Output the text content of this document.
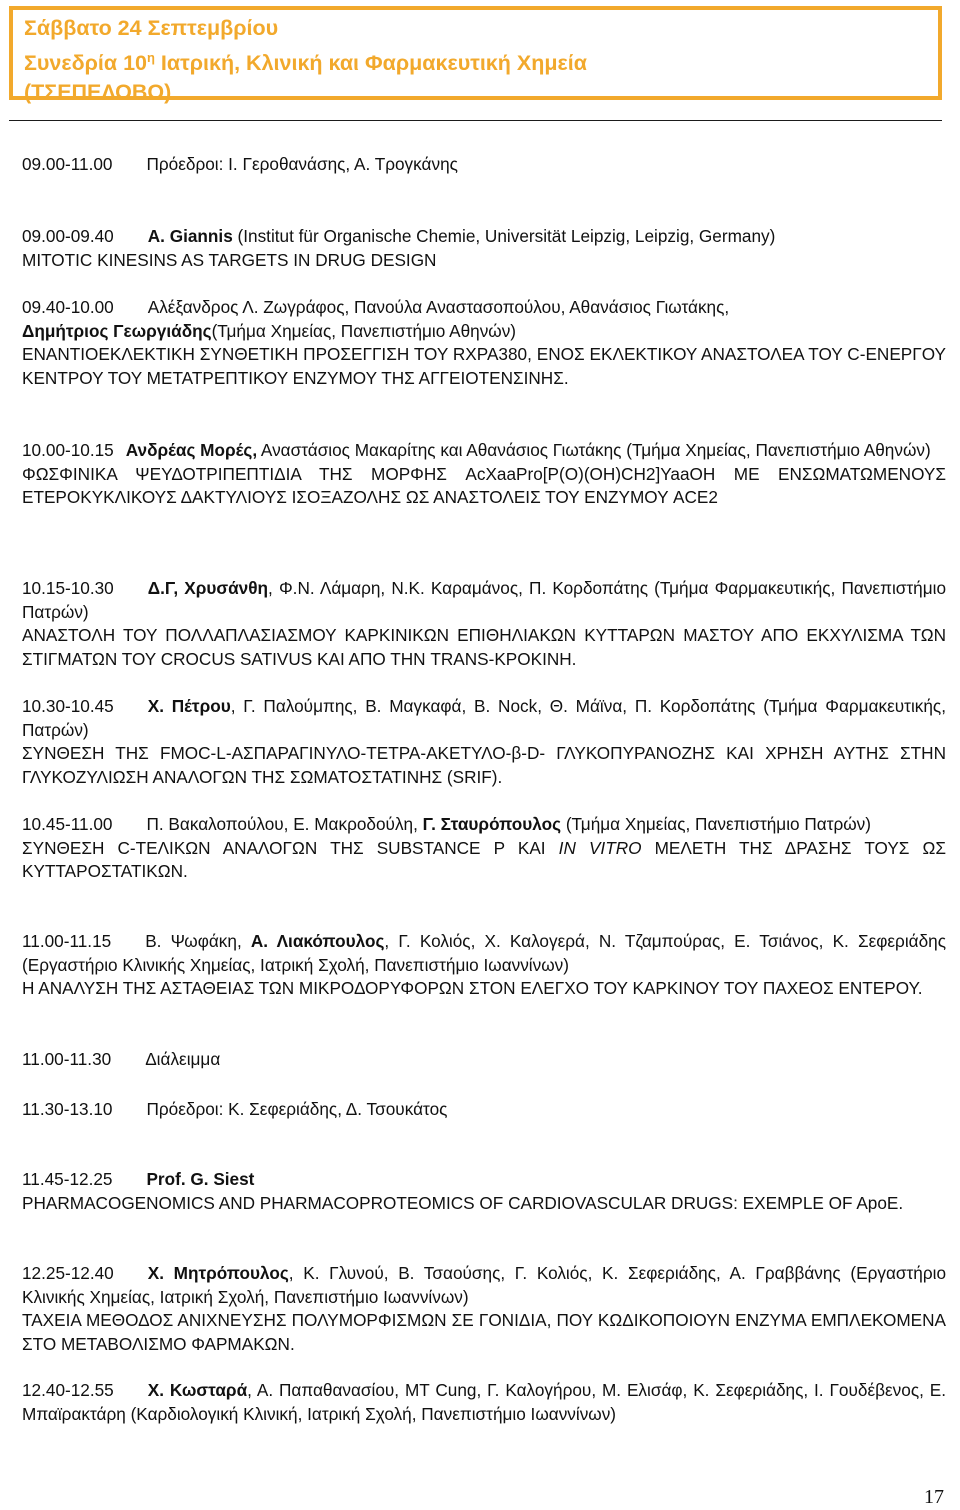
Σάββατο 24 Σεπτεμβρίου
Συνεδρία $10^\eta$ Ιατρική, Κλινική και Φαρμακευτική Χημεία
(ΤΣΕΠΕΛΟΒΟ)
09.00-11.00 Πρόεδροι: Ι. Γεροθανάσης, Α. Τρογκάνης
09.00-09.40 A. Giannis (Institut für Organische Chemie, Universität Leipzig, Leipzig, Germany)
MITOTIC KINESINS AS TARGETS IN DRUG DESIGN
09.40-10.00 Αλέξανδρος Λ. Ζωγράφος, Πανούλα Αναστασοπούλου, Αθανάσιος Γιωτάκης,
Δημήτριος Γεωργιάδης(Τμήμα Χημείας, Πανεπιστήμιο Αθηνών)
ΕΝΑΝΤΙΟΕΚΛΕΚΤΙΚΗ ΣΥΝΘΕΤΙΚΗ ΠΡΟΣΕΓΓΙΣΗ ΤΟΥ RXPA380, ΕΝΟΣ ΕΚΛΕΚΤΙΚΟΥ ΑΝΑΣΤΟΛΕΑ ΤΟΥ C-ΕΝΕΡΓΟΥ ΚΕΝΤΡΟΥ ΤΟΥ ΜΕΤΑΤΡΕΠΤΙΚΟΥ ΕΝΖΥΜΟΥ ΤΗΣ ΑΓΓΕΙΟΤΕΝΣΙΝΗΣ.
10.00-10.15 Ανδρέας Μορές, Αναστάσιος Μακαρίτης και Αθανάσιος Γιωτάκης (Τμήμα Χημείας, Πανεπιστήμιο Αθηνών)
ΦΩΣΦΙΝΙΚΑ ΨΕΥΔΟΤΡΙΠΕΠΤΙΔΙΑ ΤΗΣ ΜΟΡΦΗΣ AcXaaPro[P(O)(OH)CH2]YaaOH ΜΕ ΕΝΣΩΜΑΤΩΜΕΝΟΥΣ ΕΤΕΡΟΚΥΚΛΙΚΟΥΣ ΔΑΚΤΥΛΙΟΥΣ ΙΣΟΞΑΖΟΛΗΣ ΩΣ ΑΝΑΣΤΟΛΕΙΣ ΤΟΥ ΕΝΖΥΜΟΥ ACE2
10.15-10.30 Δ.Γ, Χρυσάνθη, Φ.Ν. Λάμαρη, Ν.Κ. Καραμάνος, Π. Κορδοπάτης (Τμήμα Φαρμακευτικής, Πανεπιστήμιο Πατρών)
ΑΝΑΣΤΟΛΗ ΤΟΥ ΠΟΛΛΑΠΛΑΣΙΑΣΜΟΥ ΚΑΡΚΙΝΙΚΩΝ ΕΠΙΘΗΛΙΑΚΩΝ ΚΥΤΤΑΡΩΝ ΜΑΣΤΟΥ ΑΠΟ ΕΚΧΥΛΙΣΜΑ ΤΩΝ ΣΤΙΓΜΑΤΩΝ ΤΟΥ CROCUS SATIVUS ΚΑΙ ΑΠΟ ΤΗΝ TRANS-ΚΡΟΚΙΝΗ.
10.30-10.45 Χ. Πέτρου, Γ. Παλούμπης, Β. Μαγκαφά, Β. Nock, Θ. Μάϊνα, Π. Κορδοπάτης (Τμήμα Φαρμακευτικής, Πατρών)
ΣΥΝΘΕΣΗ ΤΗΣ FMOC-L-ΑΣΠΑΡΑΓΙΝΥΛΟ-ΤΕΤΡΑ-ΑΚΕΤΥΛΟ-β-D- ΓΛΥΚΟΠΥΡΑΝΟΖΗΣ ΚΑΙ ΧΡΗΣΗ ΑΥΤΗΣ ΣΤΗΝ ΓΛΥΚΟΖΥΛΙΩΣΗ ΑΝΑΛΟΓΩΝ ΤΗΣ ΣΩΜΑΤΟΣΤΑΤΙΝΗΣ (SRIF).
10.45-11.00 Π. Βακαλοπούλου, Ε. Μακροδούλη, Γ. Σταυρόπουλος (Τμήμα Χημείας, Πανεπιστήμιο Πατρών)
ΣΥΝΘΕΣΗ C-ΤΕΛΙΚΩΝ ΑΝΑΛΟΓΩΝ ΤΗΣ SUBSTANCE P ΚΑΙ IN VITRO ΜΕΛΕΤΗ ΤΗΣ ΔΡΑΣΗΣ ΤΟΥΣ ΩΣ ΚΥΤΤΑΡΟΣΤΑΤΙΚΩΝ.
11.00-11.15 Β. Ψωφάκη, Α. Λιακόπουλος, Γ. Κολιός, Χ. Καλογερά, Ν. Τζαμπούρας, Ε. Τσιάνος, Κ. Σεφεριάδης (Εργαστήριο Κλινικής Χημείας, Ιατρική Σχολή, Πανεπιστήμιο Ιωαννίνων)
Η ΑΝΑΛΥΣΗ ΤΗΣ ΑΣΤΑΘΕΙΑΣ ΤΩΝ ΜΙΚΡΟΔΟΡΥΦΟΡΩΝ ΣΤΟΝ ΕΛΕΓΧΟ ΤΟΥ ΚΑΡΚΙΝΟΥ ΤΟΥ ΠΑΧΕΟΣ ΕΝΤΕΡΟΥ.
11.00-11.30 Διάλειμμα
11.30-13.10 Πρόεδροι: Κ. Σεφεριάδης, Δ. Τσουκάτος
11.45-12.25 Prof. G. Siest
PHARMACOGENOMICS AND PHARMACOPROTEOMICS OF CARDIOVASCULAR DRUGS: EXEMPLE OF ApoE.
12.25-12.40 Χ. Μητρόπουλος, Κ. Γλυνού, Β. Τσαούσης, Γ. Κολιός, Κ. Σεφεριάδης, Α. Γραββάνης (Εργαστήριο Κλινικής Χημείας, Ιατρική Σχολή, Πανεπιστήμιο Ιωαννίνων)
ΤΑΧΕΙΑ ΜΕΘΟΔΟΣ ΑΝΙΧΝΕΥΣΗΣ ΠΟΛΥΜΟΡΦΙΣΜΩΝ ΣΕ ΓΟΝΙΔΙΑ, ΠΟΥ ΚΩΔΙΚΟΠΟΙΟΥΝ ΕΝΖΥΜΑ ΕΜΠΛΕΚΟΜΕΝΑ ΣΤΟ ΜΕΤΑΒΟΛΙΣΜΟ ΦΑΡΜΑΚΩΝ.
12.40-12.55 Χ. Κωσταρά, Α. Παπαθανασίου, MT Cung, Γ. Καλογήρου, Μ. Ελισάφ, Κ. Σεφεριάδης, Ι. Γουδέβενος, Ε. Μπαϊρακτάρη (Καρδιολογική Κλινική, Ιατρική Σχολή, Πανεπιστήμιο Ιωαννίνων)
17
